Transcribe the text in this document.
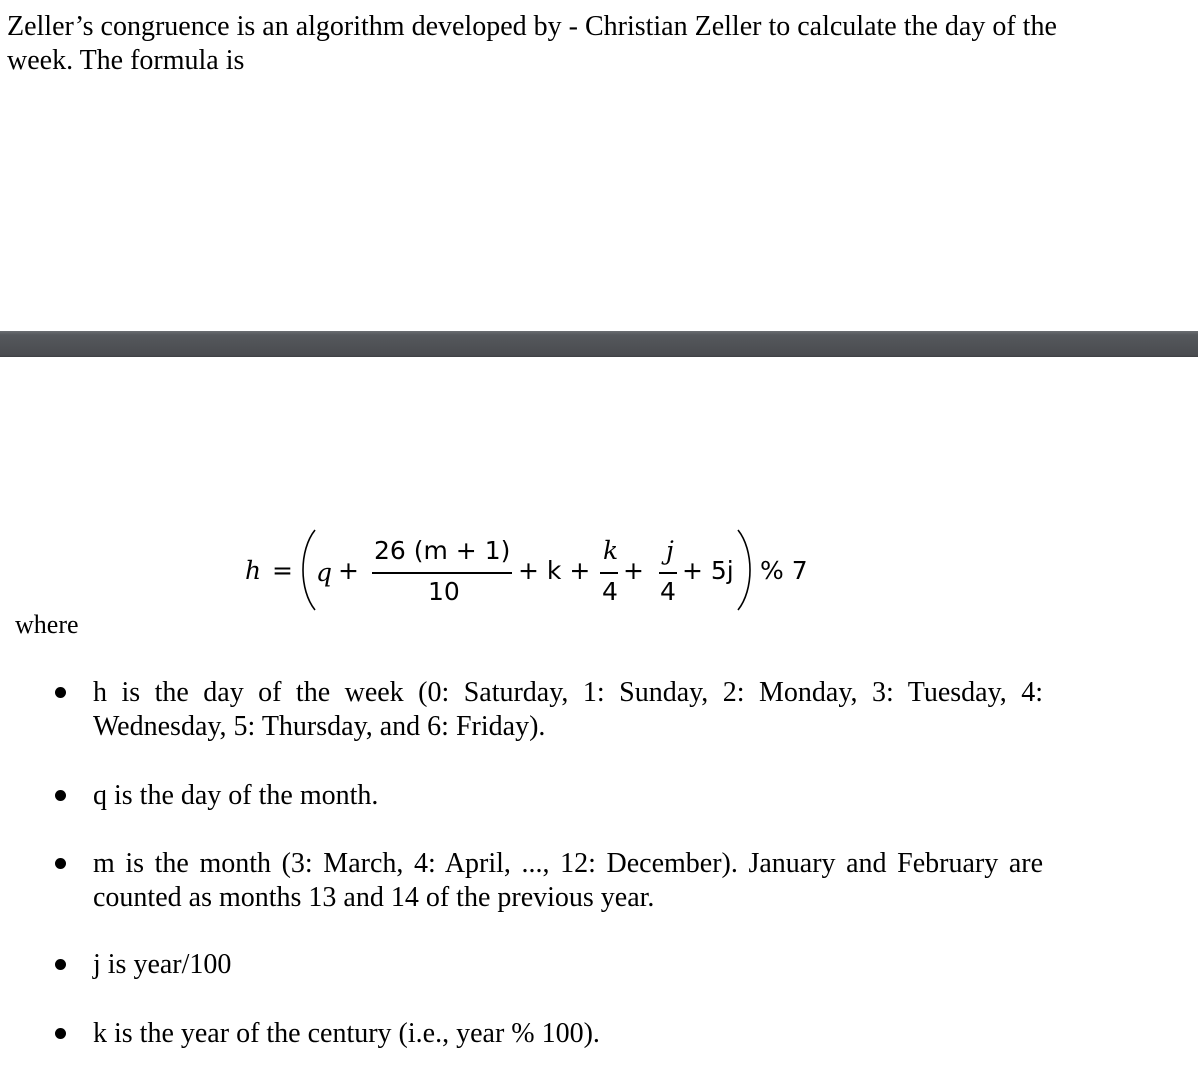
Zeller’s congruence is an algorithm developed by - Christian Zeller to calculate the day of the week. The formula is
h = q +
26 (m + 1)
10
+ k +
k
4
+
j
4
+ 5j % 7
where
h is the day of the week (0: Saturday, 1: Sunday, 2: Monday, 3: Tuesday, 4: Wednesday, 5: Thursday, and 6: Friday).
q is the day of the month.
m is the month (3: March, 4: April, ..., 12: December). January and February are counted as months 13 and 14 of the previous year.
j is year/100
k is the year of the century (i.e., year % 100).
